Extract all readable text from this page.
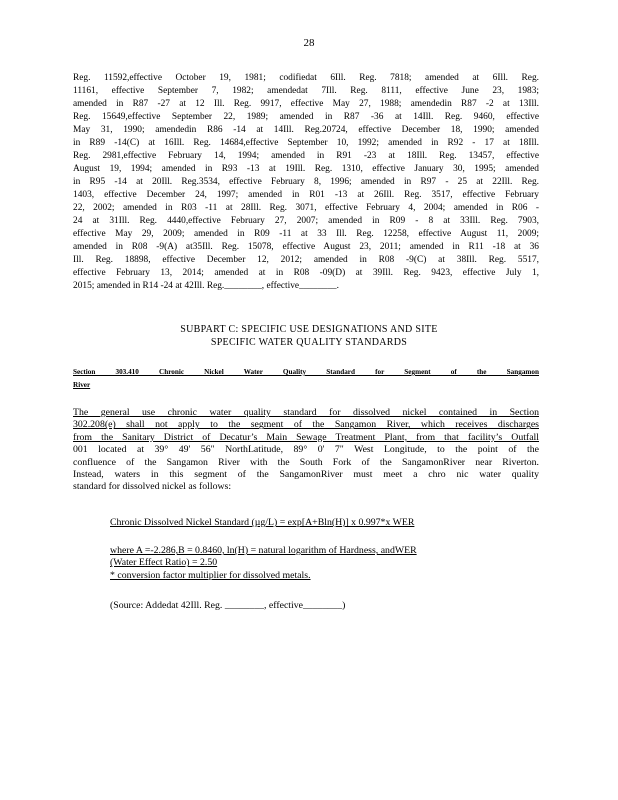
28
Reg. 11592,effective October 19, 1981; codifiedat 6Ill. Reg. 7818; amended at 6Ill. Reg.
11161, effective September 7, 1982; amendedat 7Ill. Reg. 8111, effective June 23, 1983;
amended in R87 -27 at 12 Ill. Reg. 9917, effective May 27, 1988; amendedin R87 -2 at 13Ill.
Reg. 15649,effective September 22, 1989; amended in R87 -36 at 14Ill. Reg. 9460, effective
May 31, 1990; amendedin R86 -14 at 14Ill. Reg.20724, effective December 18, 1990; amended
in R89 -14(C) at 16Ill. Reg. 14684,effective September 10, 1992; amended in R92 - 17 at 18Ill.
Reg. 2981,effective February 14, 1994; amended in R91 -23 at 18Ill. Reg. 13457, effective
August 19, 1994; amended in R93 -13 at 19Ill. Reg. 1310, effective January 30, 1995; amended
in R95 -14 at 20Ill. Reg.3534, effective February 8, 1996; amended in R97 - 25 at 22Ill. Reg.
1403, effective December 24, 1997; amended in R01 -13 at 26Ill. Reg. 3517, effective February
22, 2002; amended in R03 -11 at 28Ill. Reg. 3071, effective February 4, 2004; amended in R06 -
24 at 31Ill. Reg. 4440,effective February 27, 2007; amended in R09 - 8 at 33Ill. Reg. 7903,
effective May 29, 2009; amended in R09 -11 at 33 Ill. Reg. 12258, effective August 11, 2009;
amended in R08 -9(A) at35Ill. Reg. 15078, effective August 23, 2011; amended in R11 -18 at 36
Ill. Reg. 18898, effective December 12, 2012; amended in R08 -9(C) at 38Ill. Reg. 5517,
effective February 13, 2014; amended at in R08 -09(D) at 39Ill. Reg. 9423, effective July 1,
2015; amended in R14 -24 at 42Ill. Reg.________, effective________.
SUBPART C: SPECIFIC USE DESIGNATIONS AND SITE
SPECIFIC WATER QUALITY STANDARDS
Section 303.410 Chronic Nickel Water Quality Standard for Segment of the Sangamon
River
The general use chronic water quality standard for dissolved nickel contained in Section
302.208(e) shall not apply to the segment of the Sangamon River, which receives discharges
from the Sanitary District of Decatur’s Main Sewage Treatment Plant, from that facility’s Outfall
001 located at 39° 49' 56" NorthLatitude, 89° 0' 7" West Longitude, to the point of the
confluence of the Sangamon River with the South Fork of the SangamonRiver near Riverton.
Instead, waters in this segment of the SangamonRiver must meet a chro nic water quality
standard for dissolved nickel as follows:
Chronic Dissolved Nickel Standard (µg/L) = exp[A+Bln(H)] x 0.997*x WER
where A =-2.286,B = 0.8460, ln(H) = natural logarithm of Hardness, andWER
(Water Effect Ratio) = 2.50
* conversion factor multiplier for dissolved metals.
(Source: Addedat 42Ill. Reg. ________, effective________)
